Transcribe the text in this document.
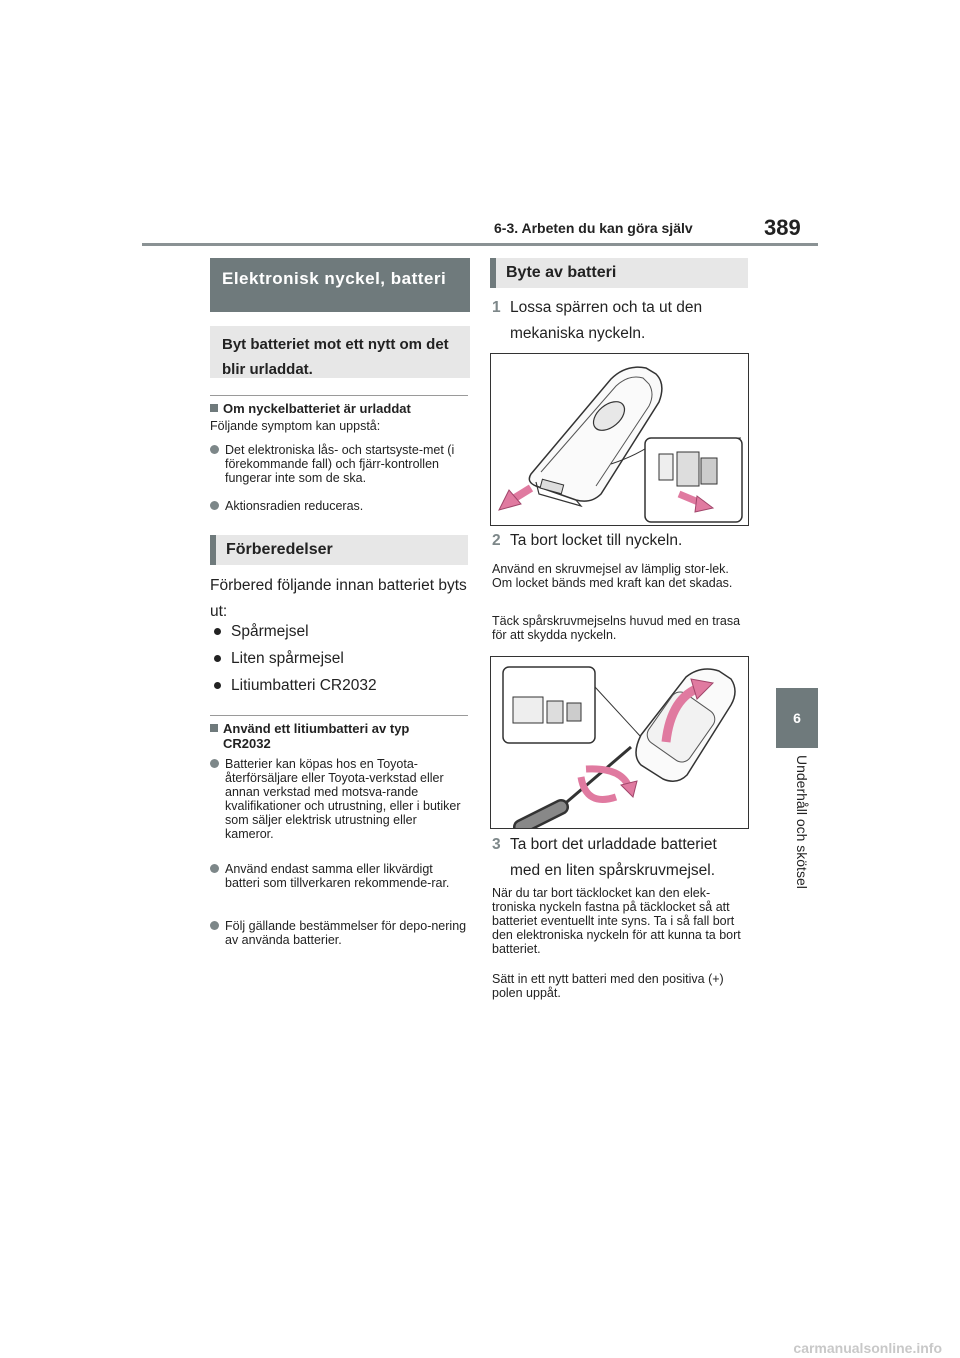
6-3. Arbeten du kan göra själv	389
6
Underhåll och skötsel
Elektronisk nyckel, batteri
Byt batteriet mot ett nytt om det blir urladdat.
Om nyckelbatteriet är urladdat
Följande symptom kan uppstå:
Det elektroniska lås- och startsyste-met (i förekommande fall) och fjärr-kontrollen fungerar inte som de ska.
Aktionsradien reduceras.
Förberedelser
Förbered följande innan batteriet byts ut:
Spårmejsel
Liten spårmejsel
Litiumbatteri CR2032
Använd ett litiumbatteri av typ CR2032
Batterier kan köpas hos en Toyota-återförsäljare eller Toyota-verkstad eller annan verkstad med motsva-rande kvalifikationer och utrustning, eller i butiker som säljer elektrisk utrustning eller kameror.
Använd endast samma eller likvärdigt batteri som tillverkaren rekommende-rar.
Följ gällande bestämmelser för depo-nering av använda batterier.
Byte av batteri
1 Lossa spärren och ta ut den mekaniska nyckeln.
2 Ta bort locket till nyckeln.
Använd en skruvmejsel av lämplig stor-lek. Om locket bänds med kraft kan det skadas.
Täck spårskruvmejselns huvud med en trasa för att skydda nyckeln.
3 Ta bort det urladdade batteriet med en liten spårskruvmejsel.
När du tar bort täcklocket kan den elek-troniska nyckeln fastna på täcklocket så att batteriet eventuellt inte syns. Ta i så fall bort den elektroniska nyckeln för att kunna ta bort batteriet.
Sätt in ett nytt batteri med den positiva (+) polen uppåt.
carmanualsonline.info
